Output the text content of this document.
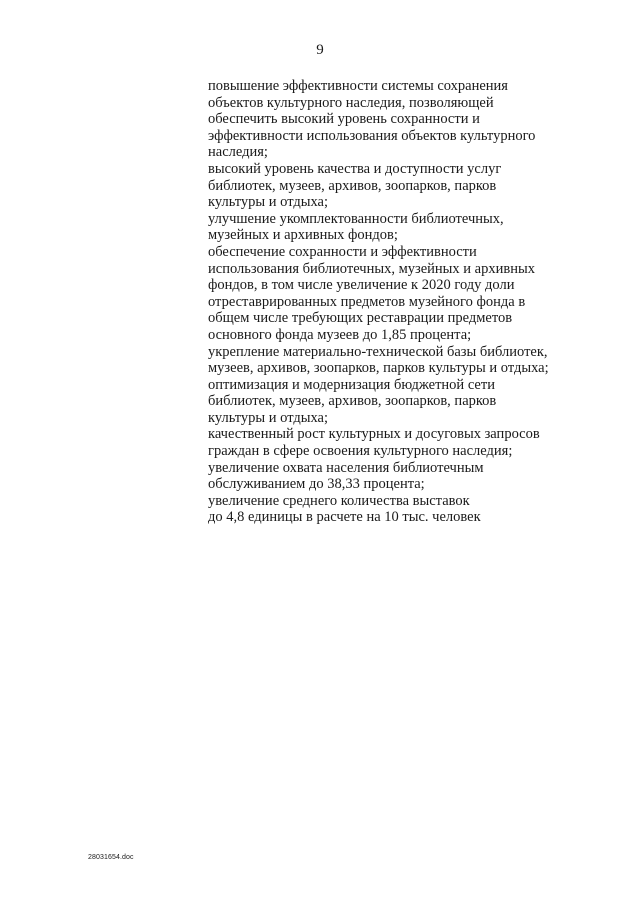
9
повышение эффективности системы сохранения
объектов культурного наследия, позволяющей
обеспечить высокий уровень сохранности и
эффективности использования объектов культурного
наследия;
высокий уровень качества и доступности услуг
библиотек, музеев, архивов, зоопарков, парков
культуры и отдыха;
улучшение укомплектованности библиотечных,
музейных и архивных фондов;
обеспечение сохранности и эффективности
использования библиотечных, музейных и архивных
фондов, в том числе увеличение к 2020 году доли
отреставрированных предметов музейного фонда в
общем числе требующих реставрации предметов
основного фонда музеев до 1,85 процента;
укрепление материально-технической базы библиотек,
музеев, архивов, зоопарков, парков культуры и отдыха;
оптимизация и модернизация бюджетной сети
библиотек, музеев, архивов, зоопарков, парков
культуры и отдыха;
качественный рост культурных и досуговых запросов
граждан в сфере освоения культурного наследия;
увеличение охвата населения библиотечным
обслуживанием до 38,33 процента;
увеличение среднего количества выставок
до 4,8 единицы в расчете на 10 тыс. человек
28031654.doc
